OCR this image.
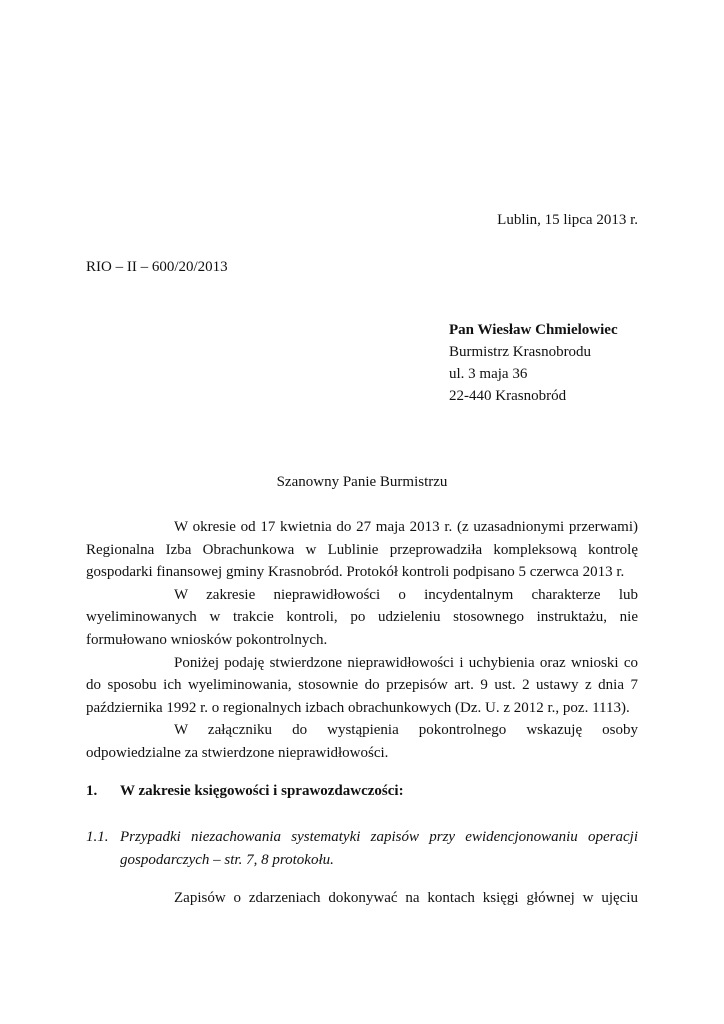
Lublin, 15 lipca 2013 r.
RIO – II – 600/20/2013
Pan Wiesław Chmielowiec
Burmistrz Krasnobrodu
ul. 3 maja 36
22-440 Krasnobród
Szanowny Panie Burmistrzu

W okresie od 17 kwietnia do 27 maja 2013 r. (z uzasadnionymi przerwami) Regionalna Izba Obrachunkowa w Lublinie przeprowadziła kompleksową kontrolę gospodarki finansowej gminy Krasnobród. Protokół kontroli podpisano 5 czerwca 2013 r.

W zakresie nieprawidłowości o incydentalnym charakterze lub wyeliminowanych w trakcie kontroli, po udzieleniu stosownego instruktażu, nie formułowano wniosków pokontrolnych.

Poniżej podaję stwierdzone nieprawidłowości i uchybienia oraz wnioski co do sposobu ich wyeliminowania, stosownie do przepisów art. 9 ust. 2 ustawy z dnia 7 października 1992 r. o regionalnych izbach obrachunkowych (Dz. U. z 2012 r., poz. 1113).

W załączniku do wystąpienia pokontrolnego wskazuję osoby odpowiedzialne za stwierdzone nieprawidłowości.

1. W zakresie księgowości i sprawozdawczości:
1.1. Przypadki niezachowania systematyki zapisów przy ewidencjonowaniu operacji gospodarczych – str. 7, 8 protokołu.
Zapisów o zdarzeniach dokonywać na kontach księgi głównej w ujęciu
